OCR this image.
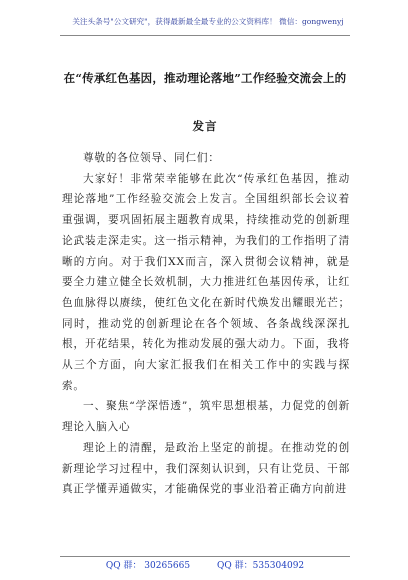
关注头条号"公文研究"，获得最新最全最专业的公文资料库！ 微信：gongwenyj
在“传承红色基因，推动理论落地”工作经验交流会上的
发言

尊敬的各位领导、同仁们：

大家好！非常荣幸能够在此次“传承红色基因，推动理论落地”工作经验交流会上发言。全国组织部长会议着重强调，要巩固拓展主题教育成果，持续推动党的创新理论武装走深走实。这一指示精神，为我们的工作指明了清晰的方向。对于我们XX而言，深入贯彻会议精神，就是要全力建立健全长效机制，大力推进红色基因传承，让红色血脉得以赓续，使红色文化在新时代焕发出耀眼光芒；同时，推动党的创新理论在各个领域、各条战线深深扎根，开花结果，转化为推动发展的强大动力。下面，我将从三个方面，向大家汇报我们在相关工作中的实践与探索。

一、聚焦“学深悟透”，筑牢思想根基，力促党的创新理论入脑入心

理论上的清醒，是政治上坚定的前提。在推动党的创新理论学习过程中，我们深刻认识到，只有让党员、干部真正学懂弄通做实，才能确保党的事业沿着正确方向前进

QQ 群： 30265665	QQ 群：535304092
